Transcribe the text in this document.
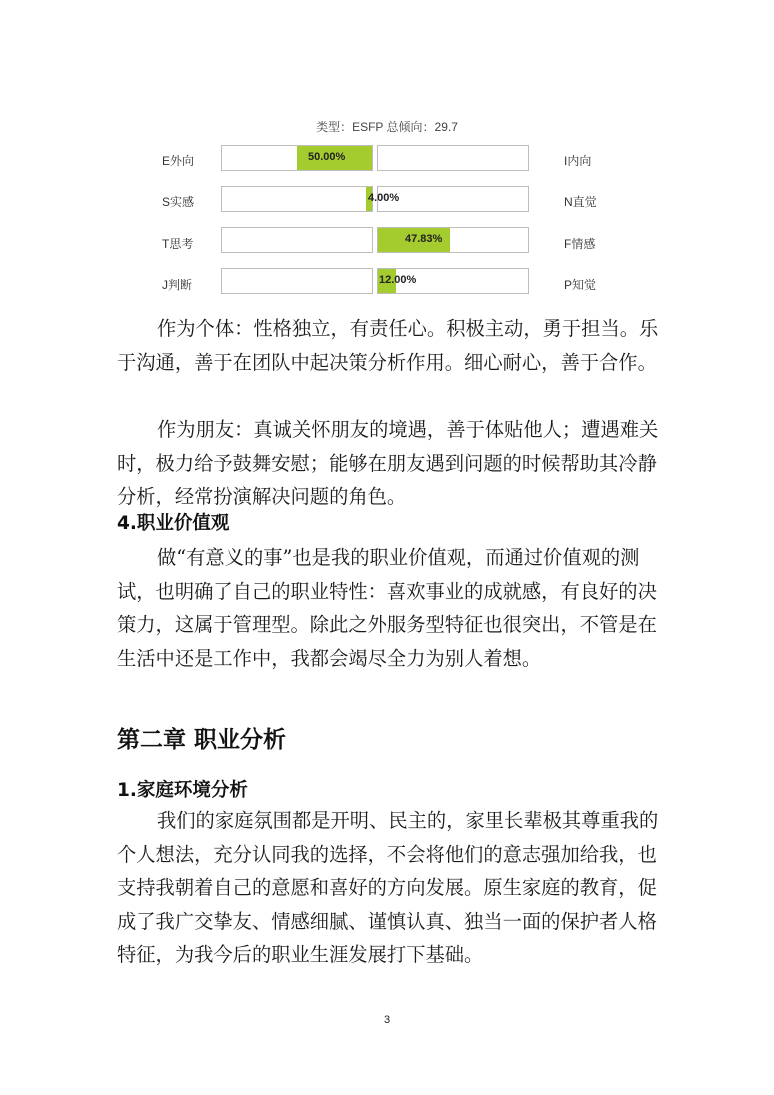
类型：ESFP 总倾向：29.7
E外向	50.00%	I内向
S实感	4.00%	N直觉
T思考	47.83%	F情感
J判断	12.00%	P知觉

作为个体：性格独立，有责任心。积极主动，勇于担当。乐于沟通，善于在团队中起决策分析作用。细心耐心，善于合作。

作为朋友：真诚关怀朋友的境遇，善于体贴他人；遭遇难关时，极力给予鼓舞安慰；能够在朋友遇到问题的时候帮助其冷静分析，经常扮演解决问题的角色。

4.职业价值观

做“有意义的事”也是我的职业价值观，而通过价值观的测试，也明确了自己的职业特性：喜欢事业的成就感，有良好的决策力，这属于管理型。除此之外服务型特征也很突出，不管是在生活中还是工作中，我都会竭尽全力为别人着想。

第二章 职业分析
1.家庭环境分析

我们的家庭氛围都是开明、民主的，家里长辈极其尊重我的个人想法，充分认同我的选择，不会将他们的意志强加给我，也支持我朝着自己的意愿和喜好的方向发展。原生家庭的教育，促成了我广交挚友、情感细腻、谨慎认真、独当一面的保护者人格特征，为我今后的职业生涯发展打下基础。

3
